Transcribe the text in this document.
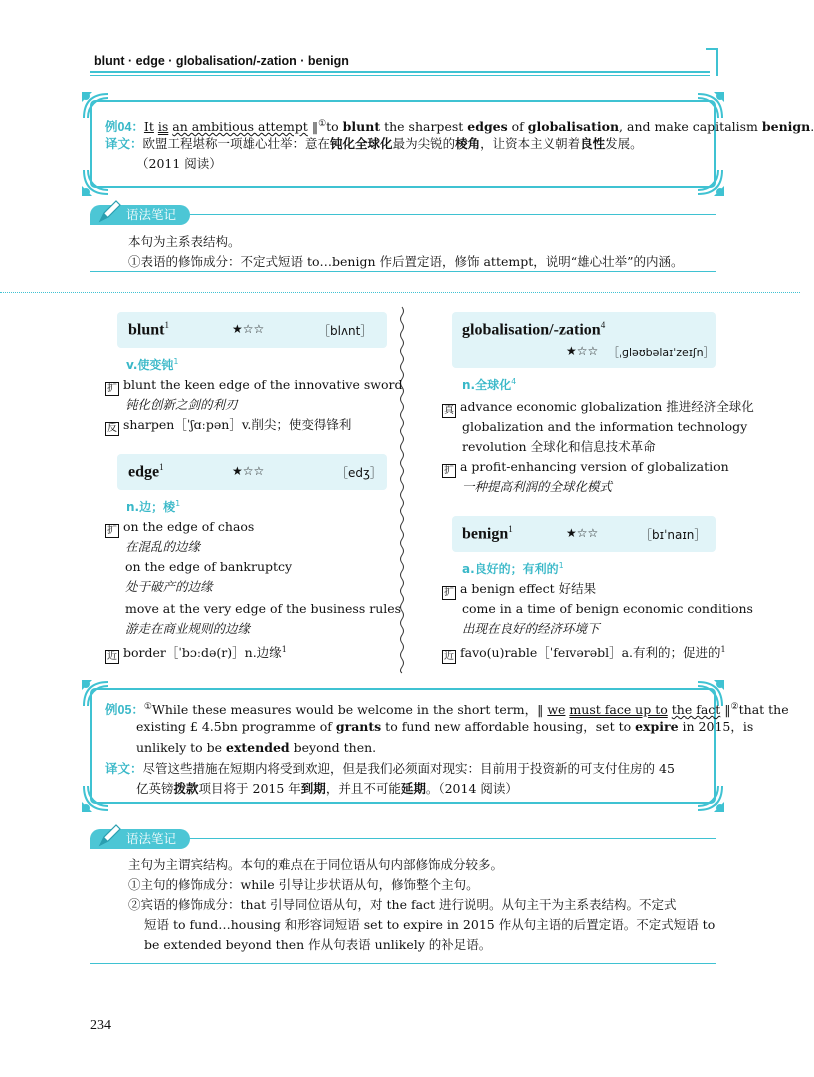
blunt · edge · globalisation/-zation · benign
例04：It is an ambitious attempt ‖①to blunt the sharpest edges of globalisation, and make capitalism benign.
译文：欧盟工程堪称一项雄心壮举：意在钝化全球化最为尖锐的棱角，让资本主义朝着良性发展。
（2011 阅读）
语法笔记
本句为主系表结构。
①表语的修饰成分：不定式短语 to…benign 作后置定语，修饰 attempt，说明“雄心壮举”的内涵。
blunt$^1$	★☆☆	［blʌnt］
v.使变钝$^1$
扩 blunt the keen edge of the innovative sword
钝化创新之剑的利刃
反 sharpen［ˈʃɑːpən］v.削尖；使变得锋利
edge$^1$	★☆☆	［edʒ］
n.边；棱$^1$
扩 on the edge of chaos
在混乱的边缘
on the edge of bankruptcy
处于破产的边缘
move at the very edge of the business rules
游走在商业规则的边缘
近 border［ˈbɔːdə(r)］n.边缘$^1$
globalisation/-zation$^4$
★☆☆ ［ˌɡləʊbəlaɪˈzeɪʃn］
n.全球化$^4$
真 advance economic globalization 推进经济全球化
globalization and the information technology
revolution 全球化和信息技术革命
扩 a profit-enhancing version of globalization
一种提高利润的全球化模式
benign$^1$	★☆☆	［bɪˈnaɪn］
a.良好的；有利的$^1$
扩 a benign effect 好结果
come in a time of benign economic conditions
出现在良好的经济环境下
近 favo(u)rable［ˈfeɪvərəbl］a.有利的；促进的$^1$
例05：①While these measures would be welcome in the short term，‖ we must face up to the fact ‖②that the
existing £ 4.5bn programme of grants to fund new affordable housing，set to expire in 2015，is
unlikely to be extended beyond then.
译文：尽管这些措施在短期内将受到欢迎，但是我们必须面对现实：目前用于投资新的可支付住房的 45
亿英镑拨款项目将于 2015 年到期，并且不可能延期。（2014 阅读）
语法笔记
主句为主谓宾结构。本句的难点在于同位语从句内部修饰成分较多。
①主句的修饰成分：while 引导让步状语从句，修饰整个主句。
②宾语的修饰成分：that 引导同位语从句，对 the fact 进行说明。从句主干为主系表结构。不定式
短语 to fund…housing 和形容词短语 set to expire in 2015 作从句主语的后置定语。不定式短语 to
be extended beyond then 作从句表语 unlikely 的补足语。
234
